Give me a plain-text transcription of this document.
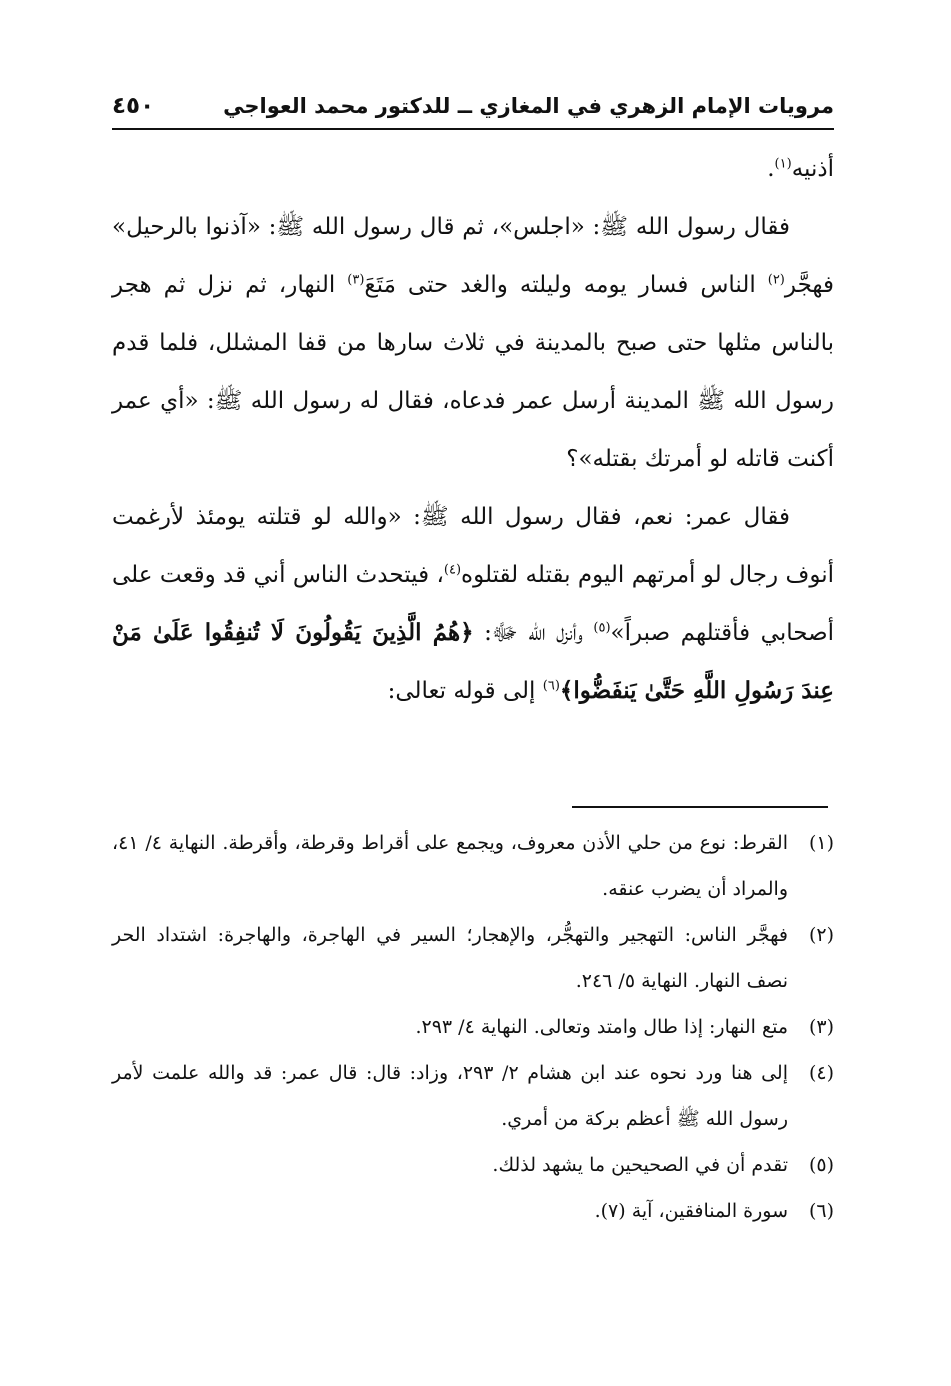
مرويات الإمام الزهري في المغازي ــ للدكتور محمد العواجي
٤٥٠

أذنيه$^{(١)}$.

فقال رسول الله ﷺ: «اجلس»، ثم قال رسول الله ﷺ: «آذنوا بالرحيل» فهجَّر$^{(٢)}$ الناس فسار يومه وليلته والغد حتى مَتَعَ$^{(٣)}$ النهار، ثم نزل ثم هجر بالناس مثلها حتى صبح بالمدينة في ثلاث سارها من قفا المشلل، فلما قدم رسول الله ﷺ المدينة أرسل عمر فدعاه، فقال له رسول الله ﷺ: «أي عمر أكنت قاتله لو أمرتك بقتله»؟

فقال عمر: نعم، فقال رسول الله ﷺ: «والله لو قتلته يومئذ لأرغمت أنوف رجال لو أمرتهم اليوم بقتله لقتلوه$^{(٤)}$، فيتحدث الناس أني قد وقعت على أصحابي فأقتلهم صبراً»$^{(٥)}$ وأنزل الله ﷻ: ﴿هُمُ الَّذِينَ يَقُولُونَ لَا تُنفِقُوا عَلَىٰ مَنْ عِندَ رَسُولِ اللَّهِ حَتَّىٰ يَنفَضُّوا﴾$^{(٦)}$ إلى قوله تعالى:

(١)
القرط: نوع من حلي الأذن معروف، ويجمع على أقراط وقرطة، وأقرطة. النهاية ٤/ ٤١، والمراد أن يضرب عنقه.
(٢)
فهجَّر الناس: التهجير والتهجُّر، والإهجار؛ السير في الهاجرة، والهاجرة: اشتداد الحر نصف النهار. النهاية ٥/ ٢٤٦.
(٣)
متع النهار: إذا طال وامتد وتعالى. النهاية ٤/ ٢٩٣.
(٤)
إلى هنا ورد نحوه عند ابن هشام ٢/ ٢٩٣، وزاد: قال: قال عمر: قد والله علمت لأمر رسول الله ﷺ أعظم بركة من أمري.
(٥)
تقدم أن في الصحيحين ما يشهد لذلك.
(٦)
سورة المنافقين، آية (٧).
